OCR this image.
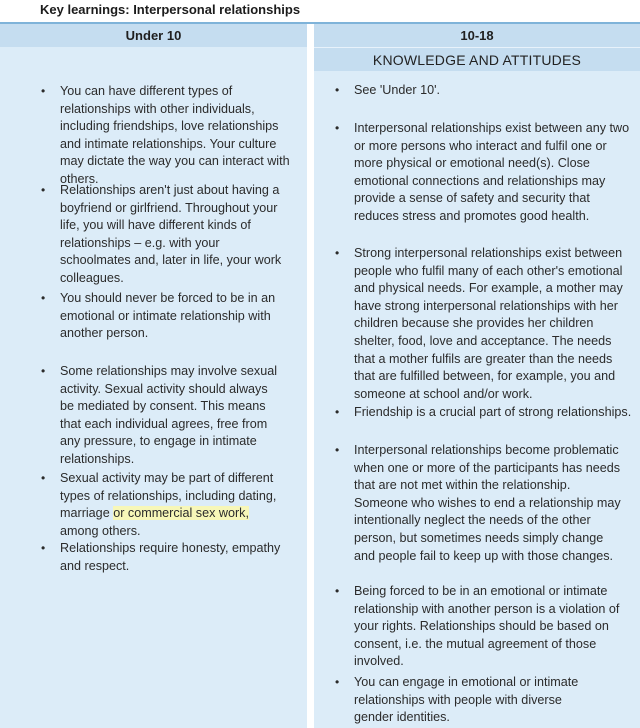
Key learnings: Interpersonal relationships
Under 10
• You can have different types of relationships with other individuals, including friendships, love relationships and intimate relationships. Your culture may dictate the way you can interact with others.
• Relationships aren't just about having a boyfriend or girlfriend. Throughout your life, you will have different kinds of relationships – e.g. with your schoolmates and, later in life, your work colleagues.
• You should never be forced to be in an emotional or intimate relationship with another person.
• Some relationships may involve sexual activity. Sexual activity should always be mediated by consent. This means that each individual agrees, free from any pressure, to engage in intimate relationships.
• Sexual activity may be part of different types of relationships, including dating, marriage or commercial sex work, among others.
• Relationships require honesty, empathy and respect.
10-18
KNOWLEDGE AND ATTITUDES
• See 'Under 10'.
• Interpersonal relationships exist between any two or more persons who interact and fulfil one or more physical or emotional need(s). Close emotional connections and relationships may provide a sense of safety and security that reduces stress and promotes good health.
• Strong interpersonal relationships exist between people who fulfil many of each other's emotional and physical needs. For example, a mother may have strong interpersonal relationships with her children because she provides her children shelter, food, love and acceptance. The needs that a mother fulfils are greater than the needs that are fulfilled between, for example, you and someone at school and/or work.
• Friendship is a crucial part of strong relationships.
• Interpersonal relationships become problematic when one or more of the participants has needs that are not met within the relationship. Someone who wishes to end a relationship may intentionally neglect the needs of the other person, but sometimes needs simply change and people fail to keep up with those changes.
• Being forced to be in an emotional or intimate relationship with another person is a violation of your rights. Relationships should be based on consent, i.e. the mutual agreement of those involved.
• You can engage in emotional or intimate relationships with people with diverse gender identities.
